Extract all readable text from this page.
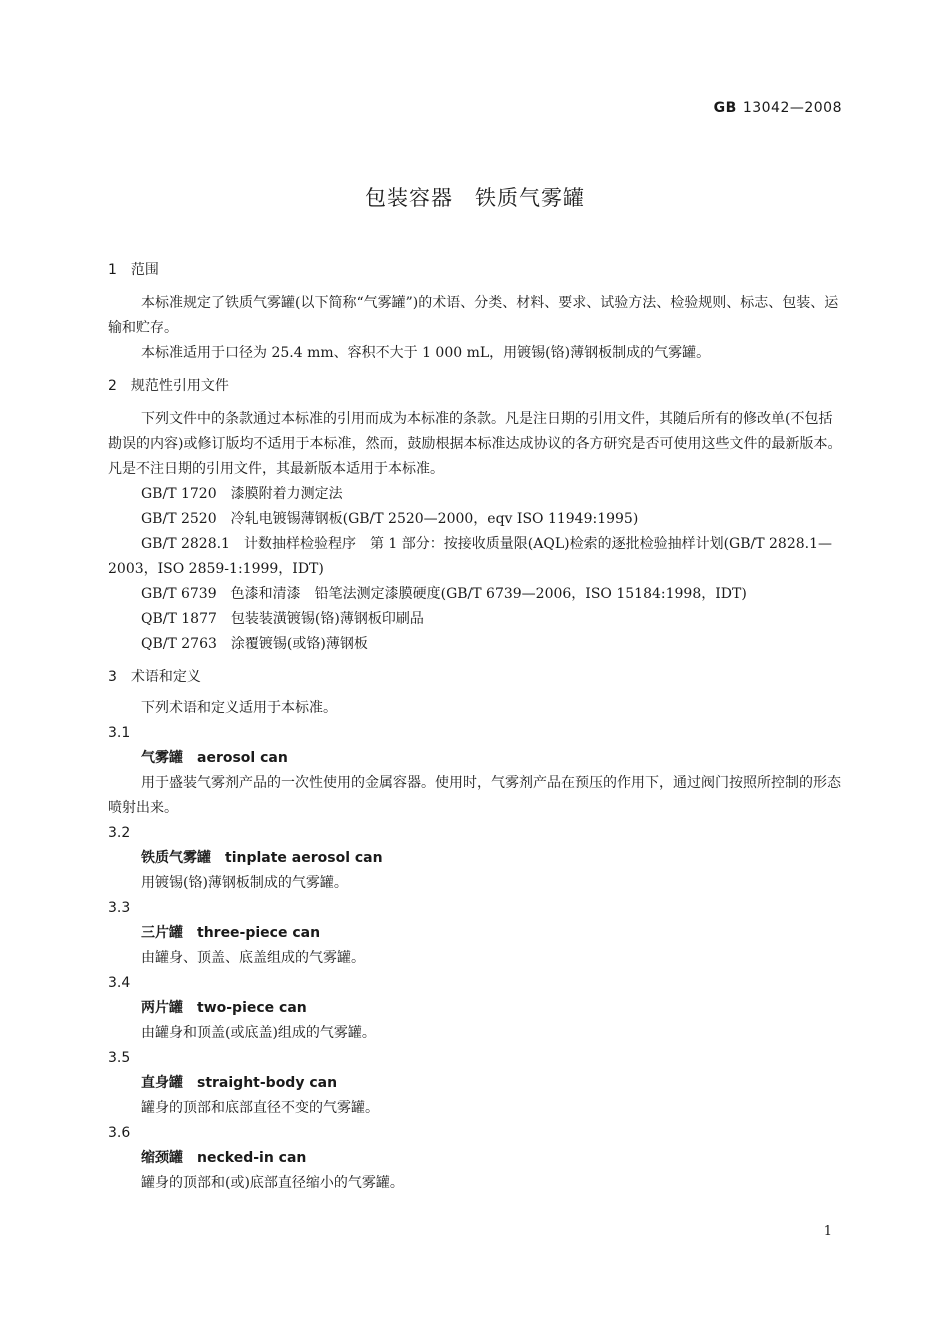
GB 13042—2008
包装容器　铁质气雾罐

1　范围

本标准规定了铁质气雾罐(以下简称“气雾罐”)的术语、分类、材料、要求、试验方法、检验规则、标志、包装、运输和贮存。

本标准适用于口径为 25.4 mm、容积不大于 1 000 mL，用镀锡(铬)薄钢板制成的气雾罐。

2　规范性引用文件

下列文件中的条款通过本标准的引用而成为本标准的条款。凡是注日期的引用文件，其随后所有的修改单(不包括勘误的内容)或修订版均不适用于本标准，然而，鼓励根据本标准达成协议的各方研究是否可使用这些文件的最新版本。凡是不注日期的引用文件，其最新版本适用于本标准。

GB/T 1720　漆膜附着力测定法

GB/T 2520　冷轧电镀锡薄钢板(GB/T 2520—2000，eqv ISO 11949:1995)

GB/T 2828.1　计数抽样检验程序　第 1 部分：按接收质量限(AQL)检索的逐批检验抽样计划(GB/T 2828.1—2003，ISO 2859-1:1999，IDT)

GB/T 6739　色漆和清漆　铅笔法测定漆膜硬度(GB/T 6739—2006，ISO 15184:1998，IDT)

QB/T 1877　包装装潢镀锡(铬)薄钢板印刷品

QB/T 2763　涂覆镀锡(或铬)薄钢板

3　术语和定义

下列术语和定义适用于本标准。

3.1

气雾罐　aerosol can

用于盛装气雾剂产品的一次性使用的金属容器。使用时，气雾剂产品在预压的作用下，通过阀门按照所控制的形态喷射出来。

3.2

铁质气雾罐　tinplate aerosol can

用镀锡(铬)薄钢板制成的气雾罐。

3.3

三片罐　three-piece can

由罐身、顶盖、底盖组成的气雾罐。

3.4

两片罐　two-piece can

由罐身和顶盖(或底盖)组成的气雾罐。

3.5

直身罐　straight-body can

罐身的顶部和底部直径不变的气雾罐。

3.6

缩颈罐　necked-in can

罐身的顶部和(或)底部直径缩小的气雾罐。

1
